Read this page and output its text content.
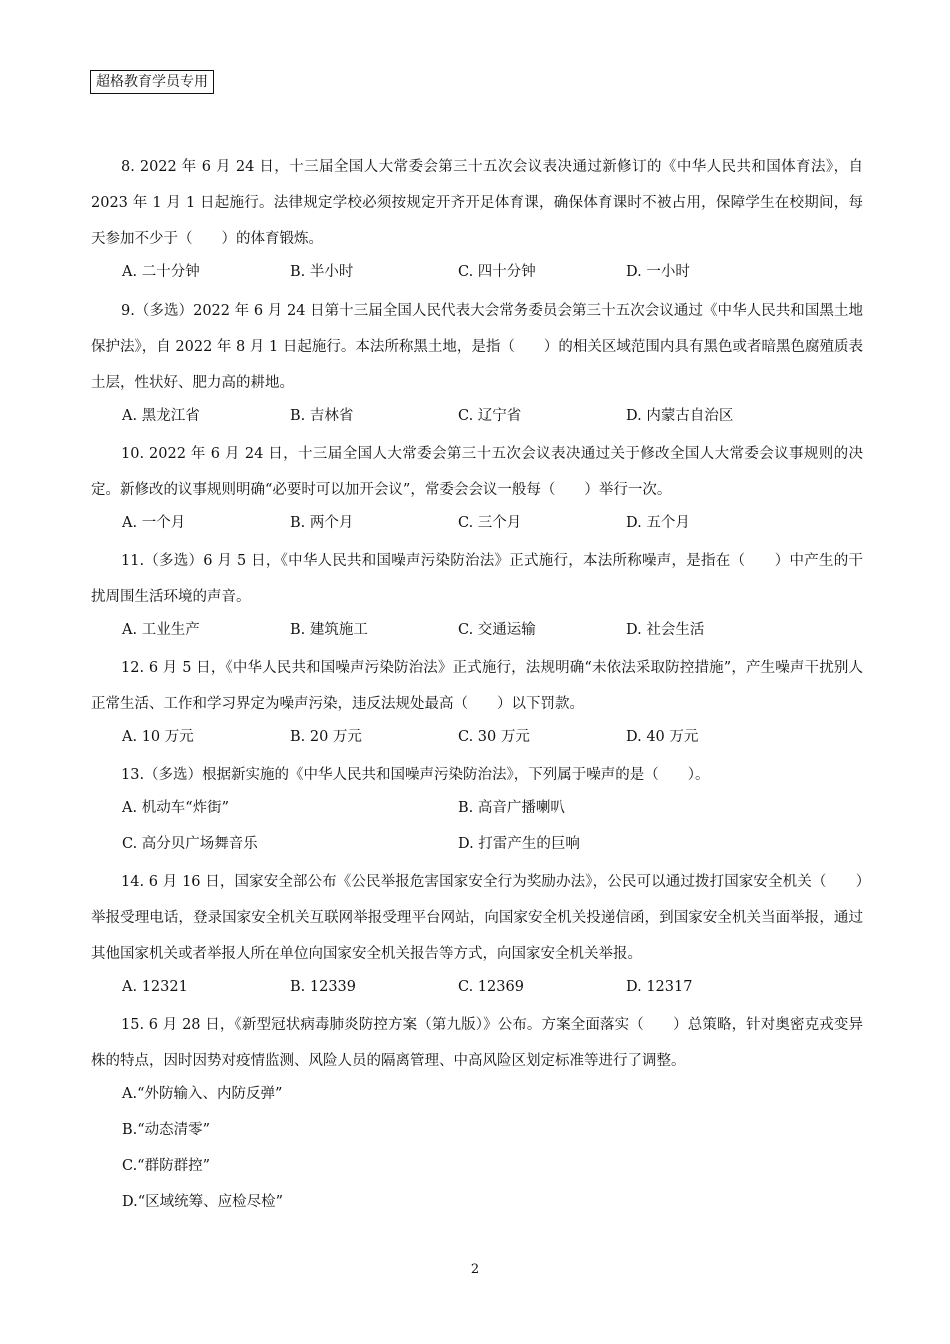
超格教育学员专用
8. 2022 年 6 月 24 日，十三届全国人大常委会第三十五次会议表决通过新修订的《中华人民共和国体育法》，自 2023 年 1 月 1 日起施行。法律规定学校必须按规定开齐开足体育课，确保体育课时不被占用，保障学生在校期间，每天参加不少于（　　）的体育锻炼。
A. 二十分钟	B. 半小时	C. 四十分钟	D. 一小时
9.（多选）2022 年 6 月 24 日第十三届全国人民代表大会常务委员会第三十五次会议通过《中华人民共和国黑土地保护法》，自 2022 年 8 月 1 日起施行。本法所称黑土地，是指（　　）的相关区域范围内具有黑色或者暗黑色腐殖质表土层，性状好、肥力高的耕地。
A. 黑龙江省	B. 吉林省	C. 辽宁省	D. 内蒙古自治区
10. 2022 年 6 月 24 日，十三届全国人大常委会第三十五次会议表决通过关于修改全国人大常委会议事规则的决定。新修改的议事规则明确“必要时可以加开会议”，常委会会议一般每（　　）举行一次。
A. 一个月	B. 两个月	C. 三个月	D. 五个月
11.（多选）6 月 5 日，《中华人民共和国噪声污染防治法》正式施行，本法所称噪声，是指在（　　）中产生的干扰周围生活环境的声音。
A. 工业生产	B. 建筑施工	C. 交通运输	D. 社会生活
12. 6 月 5 日，《中华人民共和国噪声污染防治法》正式施行，法规明确“未依法采取防控措施”，产生噪声干扰别人正常生活、工作和学习界定为噪声污染，违反法规处最高（　　）以下罚款。
A. 10 万元	B. 20 万元	C. 30 万元	D. 40 万元
13.（多选）根据新实施的《中华人民共和国噪声污染防治法》，下列属于噪声的是（　　）。
A. 机动车“炸街”	B. 高音广播喇叭
C. 高分贝广场舞音乐	D. 打雷产生的巨响
14. 6 月 16 日，国家安全部公布《公民举报危害国家安全行为奖励办法》，公民可以通过拨打国家安全机关（　　）举报受理电话，登录国家安全机关互联网举报受理平台网站，向国家安全机关投递信函，到国家安全机关当面举报，通过其他国家机关或者举报人所在单位向国家安全机关报告等方式，向国家安全机关举报。
A. 12321	B. 12339	C. 12369	D. 12317
15. 6 月 28 日，《新型冠状病毒肺炎防控方案（第九版）》公布。方案全面落实（　　）总策略，针对奥密克戎变异株的特点，因时因势对疫情监测、风险人员的隔离管理、中高风险区划定标准等进行了调整。
A.“外防输入、内防反弹”
B.“动态清零”
C.“群防群控”
D.“区域统筹、应检尽检”
2
